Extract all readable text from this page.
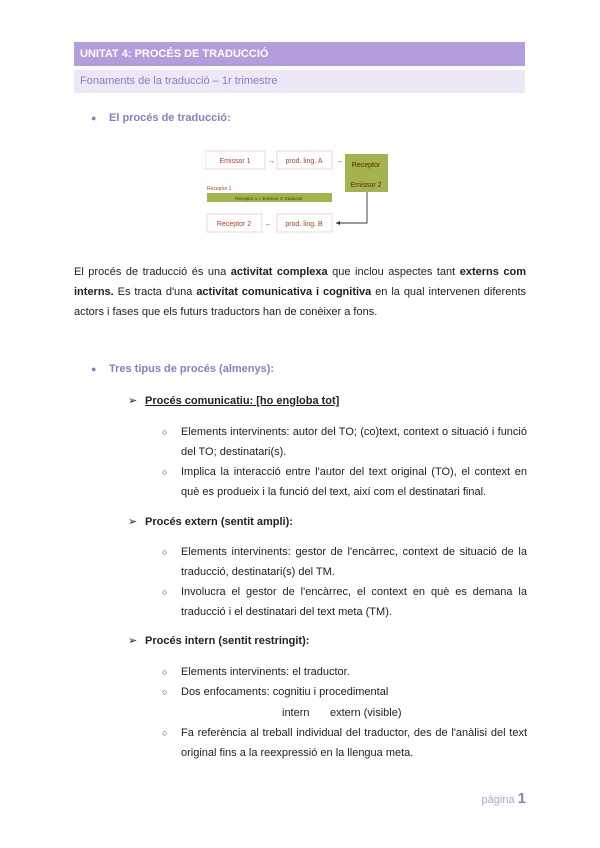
UNITAT 4: PROCÉS DE TRADUCCIÓ
Fonaments de la traducció – 1r trimestre
● El procés de traducció:
Emissor 1 → prod. ling. A →
Receptor
Emissor 2
Receptor 1
Receptor 1 = Emissor 2: traductor
Receptor 2 ← prod. ling. B
El procés de traducció és una activitat complexa que inclou aspectes tant externs com interns. Es tracta d'una activitat comunicativa i cognitiva en la qual intervenen diferents actors i fases que els futurs traductors han de conèixer a fons.
● Tres tipus de procés (almenys):
➢ Procés comunicatiu: [ho engloba tot]
○	Elements intervinents: autor del TO; (co)text, context o situació i funció del TO; destinatari(s).
○	Implica la interacció entre l'autor del text original (TO), el context en què es produeix i la funció del text, així com el destinatari final.
➢ Procés extern (sentit ampli):
○	Elements intervinents: gestor de l'encàrrec, context de situació de la traducció, destinatari(s) del TM.
○	Involucra el gestor de l'encàrrec, el context en què es demana la traducció i el destinatari del text meta (TM).
➢ Procés intern (sentit restringit):
○	Elements intervinents: el traductor.
○	Dos enfocaments: cognitiu i procedimental
intern extern (visible)
○	Fa referència al treball individual del traductor, des de l'anàlisi del text original fins a la reexpressió en la llengua meta.
pàgina 1
